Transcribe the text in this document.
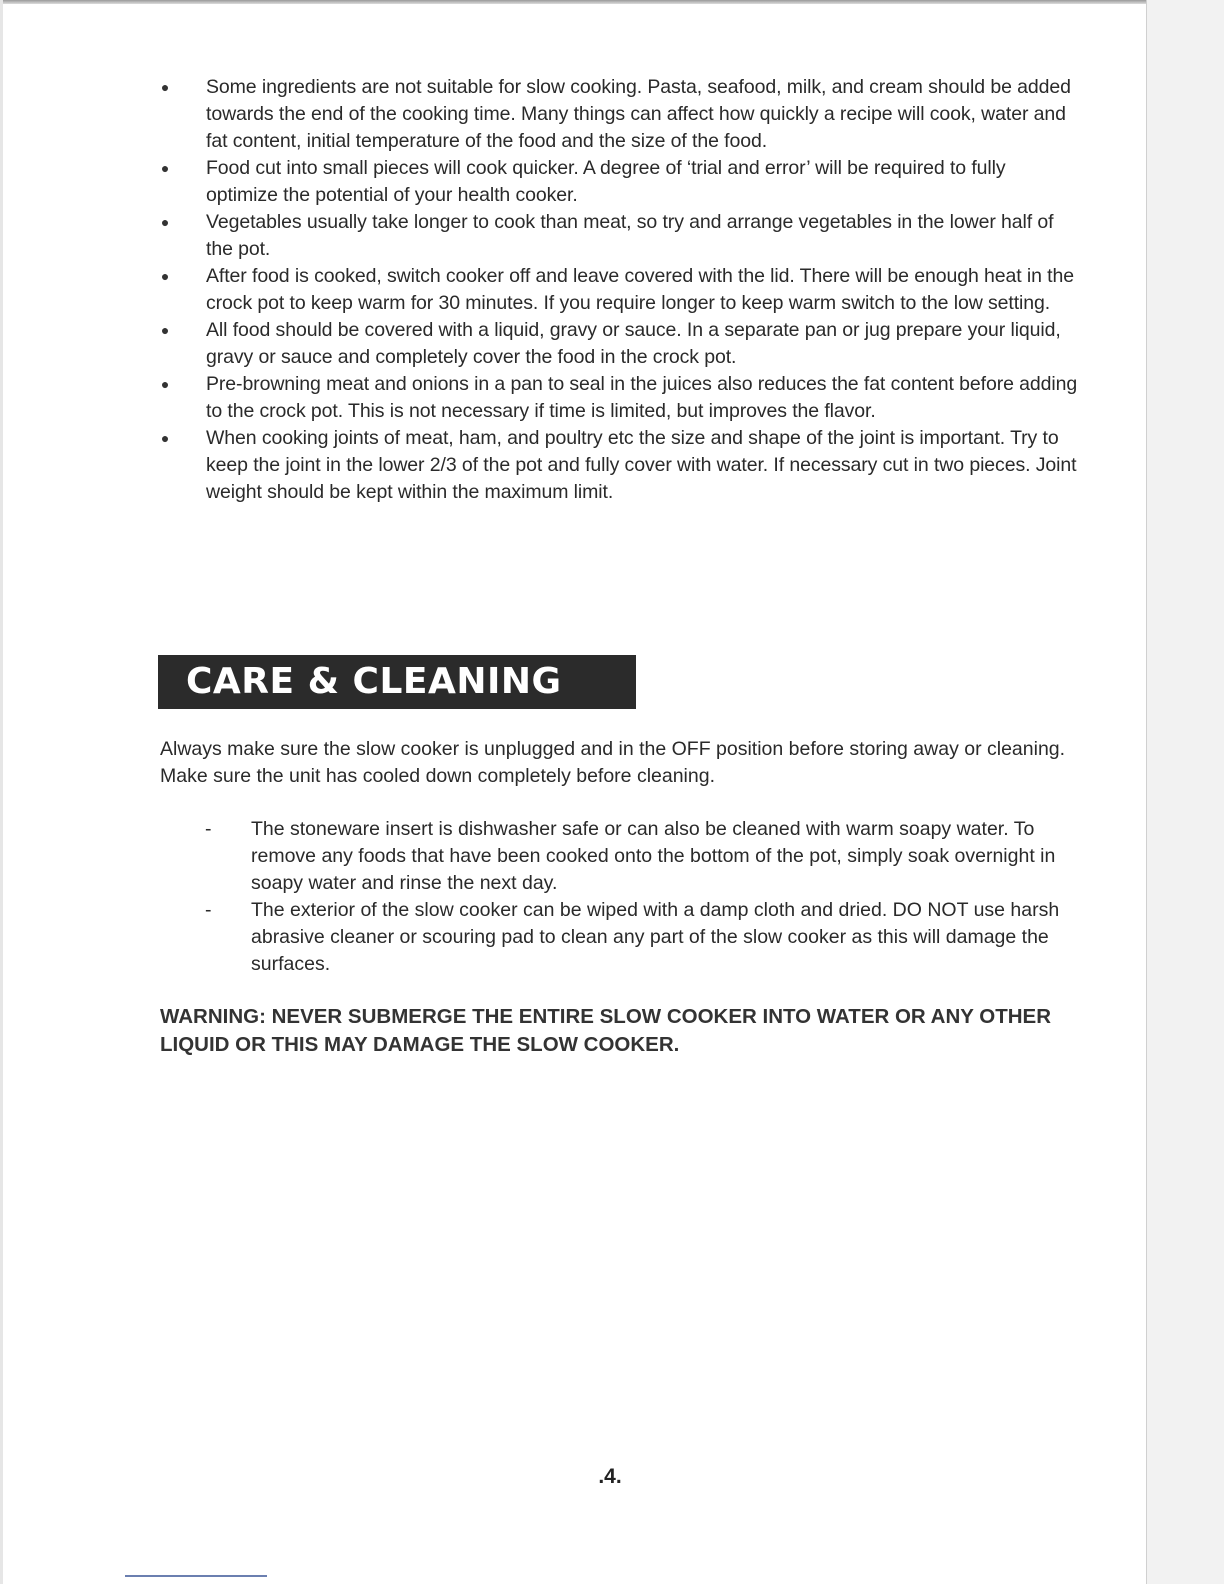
● Some ingredients are not suitable for slow cooking. Pasta, seafood, milk, and cream should be added towards the end of the cooking time. Many things can affect how quickly a recipe will cook, water and fat content, initial temperature of the food and the size of the food.
● Food cut into small pieces will cook quicker. A degree of ‘trial and error’ will be required to fully optimize the potential of your health cooker.
● Vegetables usually take longer to cook than meat, so try and arrange vegetables in the lower half of the pot.
● After food is cooked, switch cooker off and leave covered with the lid. There will be enough heat in the crock pot to keep warm for 30 minutes. If you require longer to keep warm switch to the low setting.
● All food should be covered with a liquid, gravy or sauce. In a separate pan or jug prepare your liquid, gravy or sauce and completely cover the food in the crock pot.
● Pre-browning meat and onions in a pan to seal in the juices also reduces the fat content before adding to the crock pot. This is not necessary if time is limited, but improves the flavor.
● When cooking joints of meat, ham, and poultry etc the size and shape of the joint is important. Try to keep the joint in the lower 2/3 of the pot and fully cover with water. If necessary cut in two pieces. Joint weight should be kept within the maximum limit.
CARE & CLEANING

Always make sure the slow cooker is unplugged and in the OFF position before storing away or cleaning. Make sure the unit has cooled down completely before cleaning.

- The stoneware insert is dishwasher safe or can also be cleaned with warm soapy water. To remove any foods that have been cooked onto the bottom of the pot, simply soak overnight in soapy water and rinse the next day.
- The exterior of the slow cooker can be wiped with a damp cloth and dried. DO NOT use harsh abrasive cleaner or scouring pad to clean any part of the slow cooker as this will damage the surfaces.

WARNING: NEVER SUBMERGE THE ENTIRE SLOW COOKER INTO WATER OR ANY OTHER LIQUID OR THIS MAY DAMAGE THE SLOW COOKER.

.4.
